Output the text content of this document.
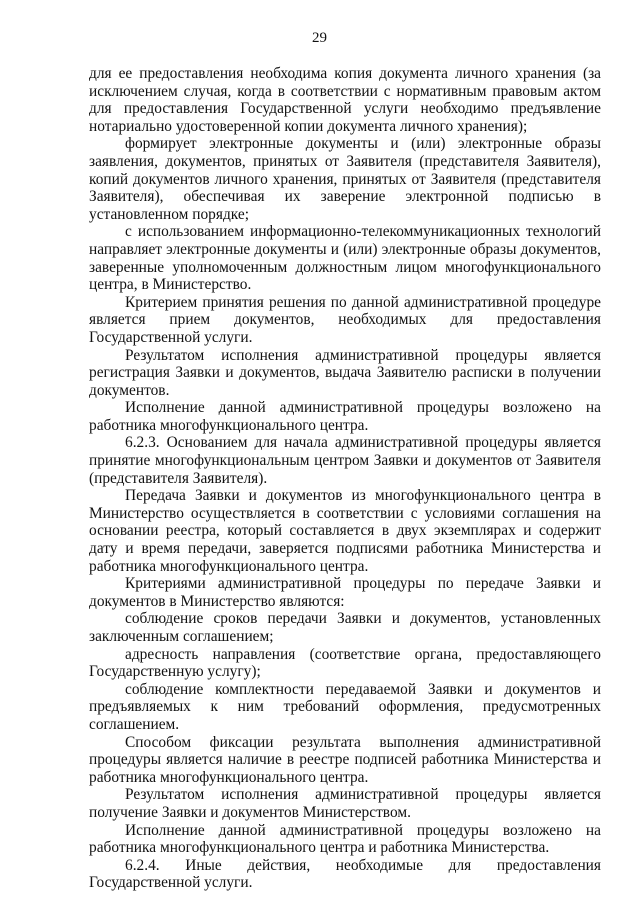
29

для ее предоставления необходима копия документа личного хранения (за исключением случая, когда в соответствии с нормативным правовым актом для предоставления Государственной услуги необходимо предъявление нотариально удостоверенной копии документа личного хранения);

формирует электронные документы и (или) электронные образы заявления, документов, принятых от Заявителя (представителя Заявителя), копий документов личного хранения, принятых от Заявителя (представителя Заявителя), обеспечивая их заверение электронной подписью в установленном порядке;

с использованием информационно-телекоммуникационных технологий направляет электронные документы и (или) электронные образы документов, заверенные уполномоченным должностным лицом многофункционального центра, в Министерство.

Критерием принятия решения по данной административной процедуре является прием документов, необходимых для предоставления Государственной услуги.

Результатом исполнения административной процедуры является регистрация Заявки и документов, выдача Заявителю расписки в получении документов.

Исполнение данной административной процедуры возложено на работника многофункционального центра.

6.2.3. Основанием для начала административной процедуры является принятие многофункциональным центром Заявки и документов от Заявителя (представителя Заявителя).

Передача Заявки и документов из многофункционального центра в Министерство осуществляется в соответствии с условиями соглашения на основании реестра, который составляется в двух экземплярах и содержит дату и время передачи, заверяется подписями работника Министерства и работника многофункционального центра.

Критериями административной процедуры по передаче Заявки и документов в Министерство являются:

соблюдение сроков передачи Заявки и документов, установленных заключенным соглашением;

адресность направления (соответствие органа, предоставляющего Государственную услугу);

соблюдение комплектности передаваемой Заявки и документов и предъявляемых к ним требований оформления, предусмотренных соглашением.

Способом фиксации результата выполнения административной процедуры является наличие в реестре подписей работника Министерства и работника многофункционального центра.

Результатом исполнения административной процедуры является получение Заявки и документов Министерством.

Исполнение данной административной процедуры возложено на работника многофункционального центра и работника Министерства.

6.2.4. Иные действия, необходимые для предоставления Государственной услуги.
